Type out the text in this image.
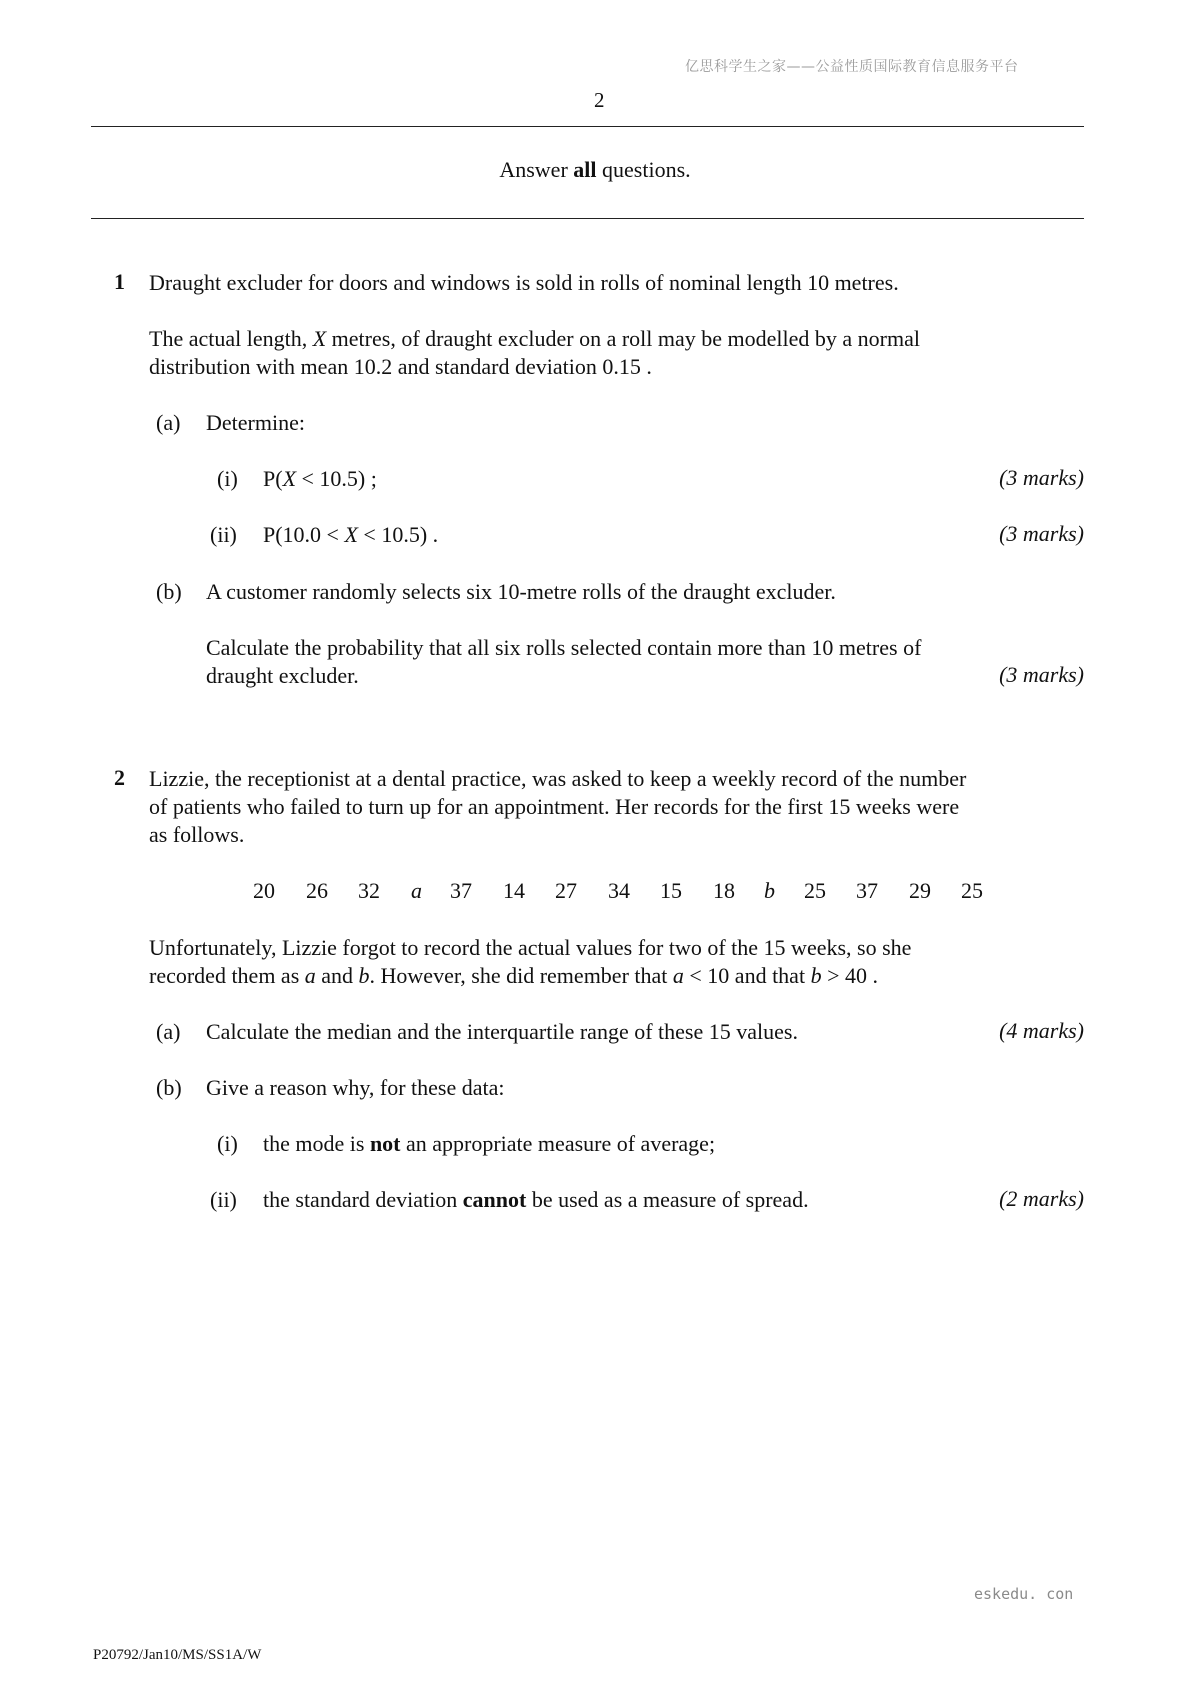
亿思科学生之家——公益性质国际教育信息服务平台
2
Answer all questions.
1 Draught excluder for doors and windows is sold in rolls of nominal length 10 metres.
The actual length, X metres, of draught excluder on a roll may be modelled by a normal
distribution with mean 10.2 and standard deviation 0.15 .
(a) Determine:
(i) P(X < 10.5) ;	(3 marks)
(ii) P(10.0 < X < 10.5) .	(3 marks)
(b) A customer randomly selects six 10-metre rolls of the draught excluder.
Calculate the probability that all six rolls selected contain more than 10 metres of
draught excluder.	(3 marks)
2 Lizzie, the receptionist at a dental practice, was asked to keep a weekly record of the number
of patients who failed to turn up for an appointment. Her records for the first 15 weeks were
as follows.
20 26 32 a 37 14 27 34 15 18 b 25 37 29 25
Unfortunately, Lizzie forgot to record the actual values for two of the 15 weeks, so she
recorded them as a and b. However, she did remember that a < 10 and that b > 40 .
(a) Calculate the median and the interquartile range of these 15 values.	(4 marks)
(b) Give a reason why, for these data:
(i) the mode is not an appropriate measure of average;
(ii) the standard deviation cannot be used as a measure of spread.	(2 marks)
eskedu. con
P20792/Jan10/MS/SS1A/W
